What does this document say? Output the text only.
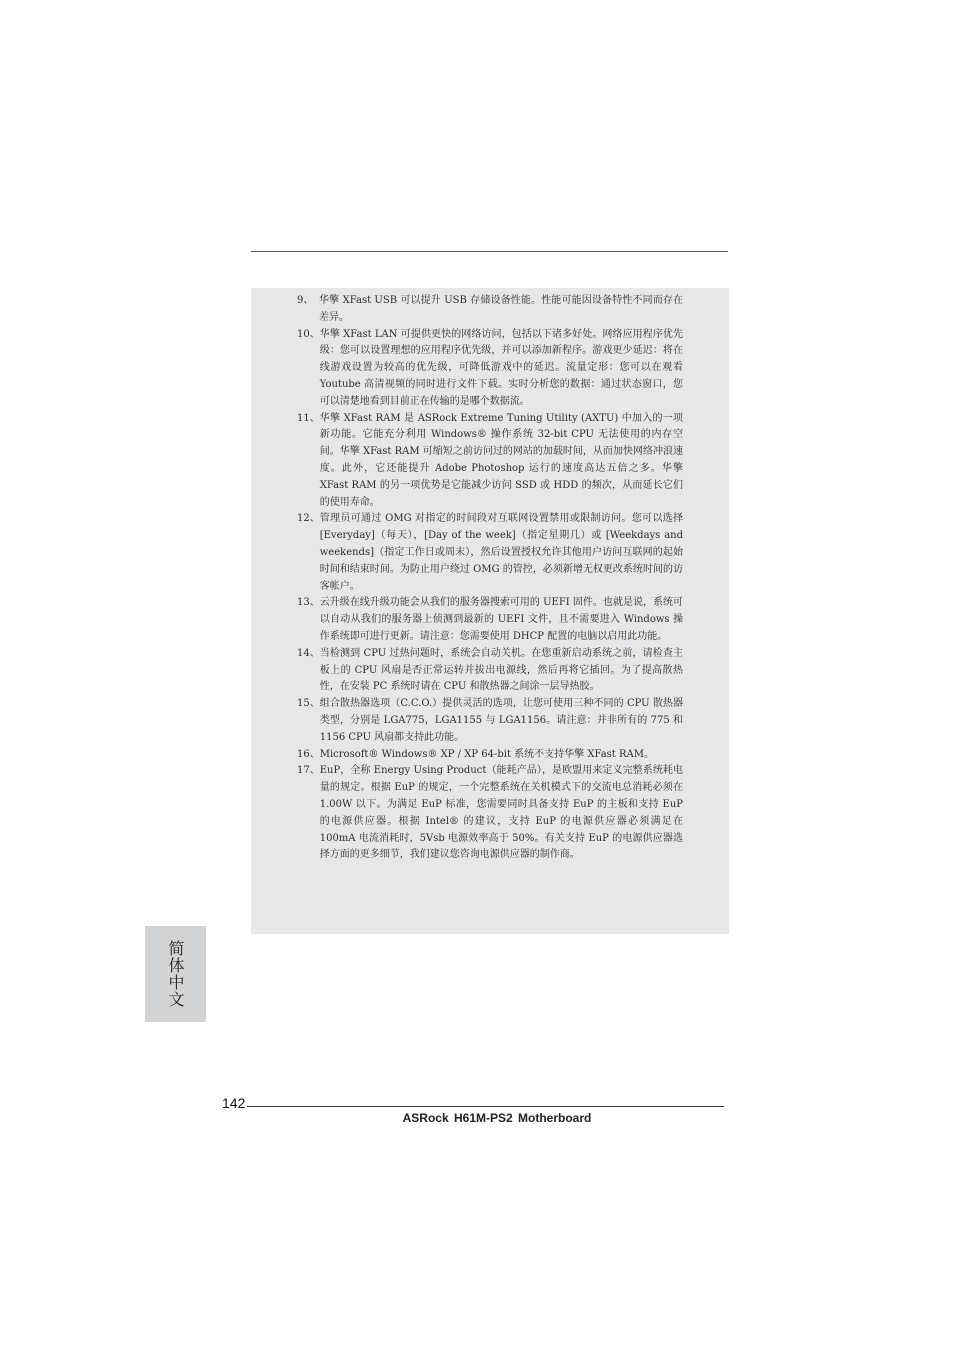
9、 华擎 XFast USB 可以提升 USB 存储设备性能。性能可能因设备特性不同而存在差异。
10、 华擎 XFast LAN 可提供更快的网络访问，包括以下诸多好处。网络应用程序优先级：您可以设置理想的应用程序优先级，并可以添加新程序。游戏更少延迟：将在线游戏设置为较高的优先级，可降低游戏中的延迟。流量定形：您可以在观看 Youtube 高清视频的同时进行文件下载。实时分析您的数据：通过状态窗口，您可以清楚地看到目前正在传输的是哪个数据流。
11、 华擎 XFast RAM 是 ASRock Extreme Tuning Utility (AXTU) 中加入的一项新功能。它能充分利用 Windows® 操作系统 32-bit CPU 无法使用的内存空间。华擎 XFast RAM 可缩短之前访问过的网站的加载时间，从而加快网络冲浪速度。此外，它还能提升 Adobe Photoshop 运行的速度高达五倍之多。华擎 XFast RAM 的另一项优势是它能减少访问 SSD 或 HDD 的频次，从而延长它们的使用寿命。
12、 管理员可通过 OMG 对指定的时间段对互联网设置禁用或限制访问。您可以选择 [Everyday]（每天），[Day of the week]（指定星期几）或 [Weekdays and weekends]（指定工作日或周末），然后设置授权允许其他用户访问互联网的起始时间和结束时间。为防止用户绕过 OMG 的管控，必须新增无权更改系统时间的访客帐户。
13、 云升级在线升级功能会从我们的服务器搜索可用的 UEFI 固件。也就是说，系统可以自动从我们的服务器上侦测到最新的 UEFI 文件，且不需要进入 Windows 操作系统即可进行更新。请注意：您需要使用 DHCP 配置的电脑以启用此功能。
14、 当检测到 CPU 过热问题时，系统会自动关机。在您重新启动系统之前，请检查主板上的 CPU 风扇是否正常运转并拔出电源线，然后再将它插回。为了提高散热性，在安装 PC 系统时请在 CPU 和散热器之间涂一层导热胶。
15、 组合散热器选项（C.C.O.）提供灵活的选项，让您可使用三种不同的 CPU 散热器类型，分别是 LGA775，LGA1155 与 LGA1156。请注意：并非所有的 775 和 1156 CPU 风扇都支持此功能。
16、 Microsoft® Windows® XP / XP 64-bit 系统不支持华擎 XFast RAM。
17、 EuP，全称 Energy Using Product（能耗产品），是欧盟用来定义完整系统耗电量的规定。根据 EuP 的规定，一个完整系统在关机模式下的交流电总消耗必须在 1.00W 以下。为满足 EuP 标准，您需要同时具备支持 EuP 的主板和支持 EuP 的电源供应器。根据 Intel® 的建议，支持 EuP 的电源供应器必须满足在 100mA 电流消耗时，5Vsb 电源效率高于 50%。有关支持 EuP 的电源供应器选择方面的更多细节，我们建议您咨询电源供应器的制作商。
简体中文
142
ASRock H61M-PS2 Motherboard
